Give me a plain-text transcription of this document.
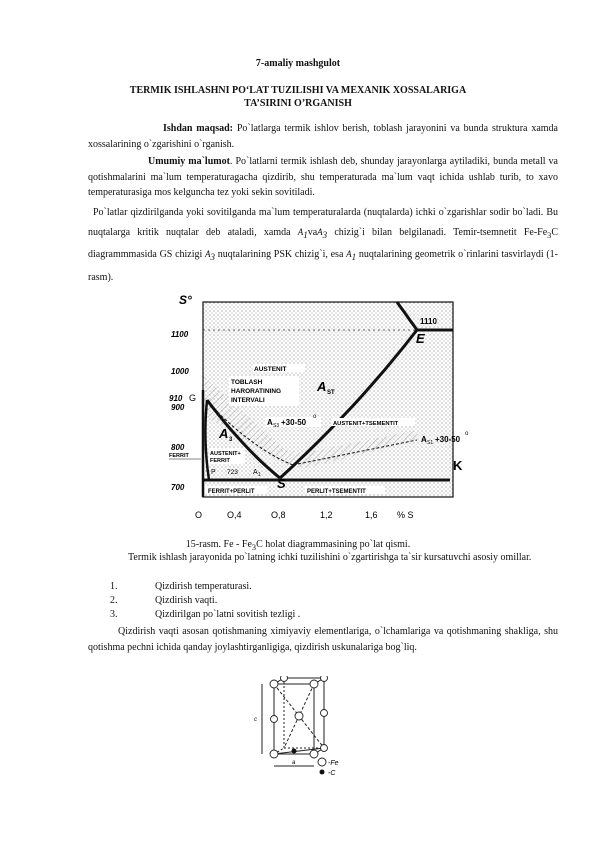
7-amaliy mashgulot
TERMIK ISHLASHNI PO‘LAT TUZILISHI VA MEXANIK XOSSALARIGA
TA’SIRINI O’RGANISH
Ishdan maqsad: Po`latlarga termik ishlov berish, toblash jarayonini va bunda struktura xamda xossalarining o`zgarishini o`rganish.
Umumiy ma`lumot. Po`latlarni termik ishlash deb, shunday jarayonlarga aytiladiki, bunda metall va qotishmalarini ma`lum temperaturagacha qizdirib, shu temperaturada ma`lum vaqt ichida ushlab turib, to xavo temperaturasiga mos kelguncha tez yoki sekin sovitiladi.
Po`latlar qizdirilganda yoki sovitilganda ma`lum temperaturalarda (nuqtalarda) ichki o`zgarishlar sodir bo`ladi. Bu nuqtalarga kritik nuqtalar deb ataladi, xamda $A_1vaA_3$ chizig`i bilan belgilanadi. Temir-tsemnetit $Fe-Fe_3C$ diagrammmasida GS chizigi $A_3$ nuqtalarining PSK chizig`i, esa $A_1$ nuqtalarining geometrik o`rinlarini tasvirlaydi (1-rasm).
S°
1100
1000
910
900
800
700
FERRIT
O	O,4	O,8	1,2	1,6 % S
AUSTENIT
TOBLASH
HARORATINING
INTERVALI
A ST
A 3
A S3 +30-50
o
AUSTENIT+TSEMENTIT
A S1 +30-50
o
AUSTENIT+
FERRIT
P 723 A 1
FERRIT+PERLIT	PERLIT+TSEMENTIT
G
S
E
1110
K
15-rasm. Fe - $Fe_3C$ holat diagrammasining po`lat qismi.
Termik ishlash jarayonida po`latning ichki tuzilishini o`zgartirishga ta`sir kursatuvchi asosiy omillar.
1.	Qizdirish temperaturasi.
2.	Qizdirish vaqti.
3.	Qizdirilgan po`latni sovitish tezligi .
Qizdirish vaqti asosan qotishmaning ximiyaviy elementlariga, o`lchamlariga va qotishmaning shakliga, shu qotishma pechni ichida qanday joylashtirganligiga, qizdirish uskunalariga bog`liq.
c
a	-Fe
-C
